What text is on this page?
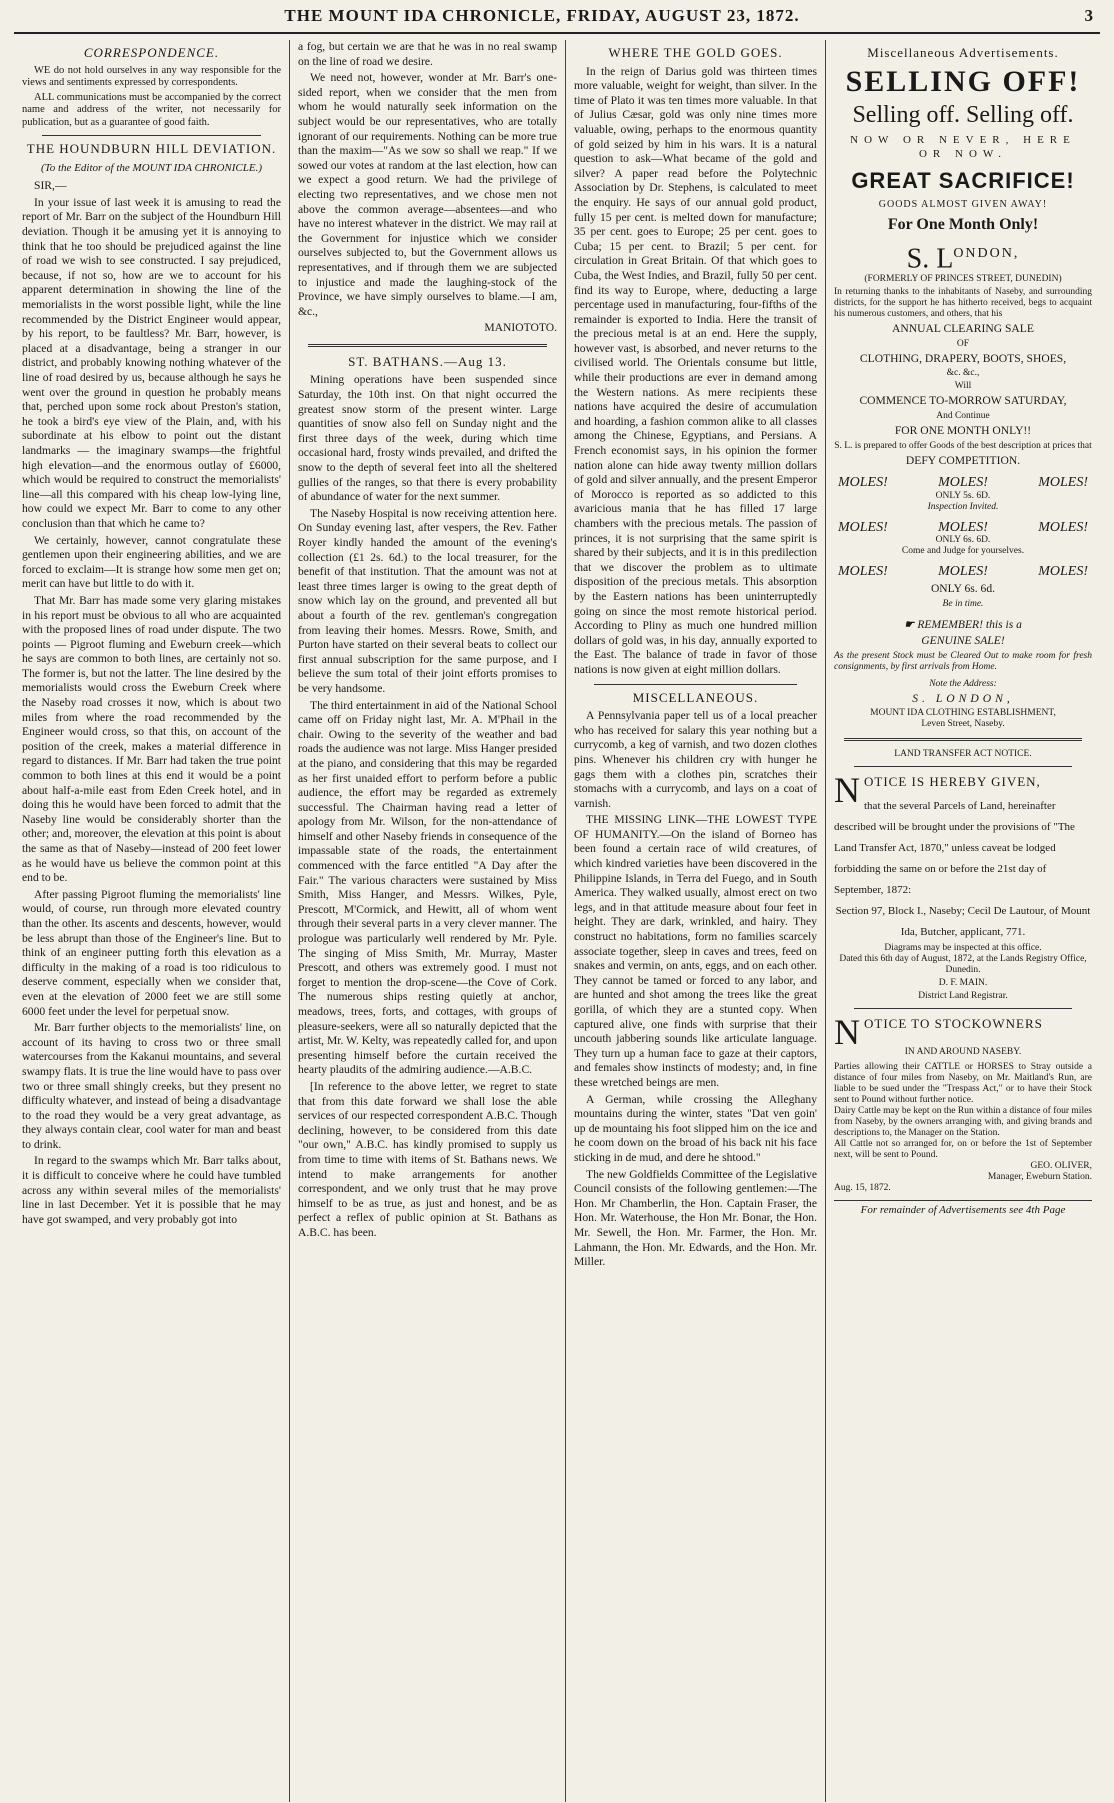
THE MOUNT IDA CHRONICLE, FRIDAY, AUGUST 23, 1872.	3
CORRESPONDENCE.

WE do not hold ourselves in any way responsible for the views and sentiments expressed by correspondents.

ALL communications must be accompanied by the correct name and address of the writer, not necessarily for publication, but as a guarantee of good faith.

THE HOUNDBURN HILL DEVIATION.
(To the Editor of the MOUNT IDA CHRONICLE.)

SIR,—

In your issue of last week it is amusing to read the report of Mr. Barr on the subject of the Houndburn Hill deviation. Though it be amusing yet it is annoying to think that he too should be prejudiced against the line of road we wish to see constructed. I say prejudiced, because, if not so, how are we to account for his apparent determination in showing the line of the memorialists in the worst possible light, while the line recommended by the District Engineer would appear, by his report, to be faultless? Mr. Barr, however, is placed at a disadvantage, being a stranger in our district, and probably knowing nothing whatever of the line of road desired by us, because although he says he went over the ground in question he probably means that, perched upon some rock about Preston's station, he took a bird's eye view of the Plain, and, with his subordinate at his elbow to point out the distant landmarks — the imaginary swamps—the frightful high elevation—and the enormous outlay of £6000, which would be required to construct the memorialists' line—all this compared with his cheap low-lying line, how could we expect Mr. Barr to come to any other conclusion than that which he came to?

We certainly, however, cannot congratulate these gentlemen upon their engineering abilities, and we are forced to exclaim—It is strange how some men get on; merit can have but little to do with it.

That Mr. Barr has made some very glaring mistakes in his report must be obvious to all who are acquainted with the proposed lines of road under dispute. The two points — Pigroot fluming and Eweburn creek—which he says are common to both lines, are certainly not so. The former is, but not the latter. The line desired by the memorialists would cross the Eweburn Creek where the Naseby road crosses it now, which is about two miles from where the road recommended by the Engineer would cross, so that this, on account of the position of the creek, makes a material difference in regard to distances. If Mr. Barr had taken the true point common to both lines at this end it would be a point about half-a-mile east from Eden Creek hotel, and in doing this he would have been forced to admit that the Naseby line would be considerably shorter than the other; and, moreover, the elevation at this point is about the same as that of Naseby—instead of 200 feet lower as he would have us believe the common point at this end to be.

After passing Pigroot fluming the memorialists' line would, of course, run through more elevated country than the other. Its ascents and descents, however, would be less abrupt than those of the Engineer's line. But to think of an engineer putting forth this elevation as a difficulty in the making of a road is too ridiculous to deserve comment, especially when we consider that, even at the elevation of 2000 feet we are still some 6000 feet under the level for perpetual snow.

Mr. Barr further objects to the memorialists' line, on account of its having to cross two or three small watercourses from the Kakanui mountains, and several swampy flats. It is true the line would have to pass over two or three small shingly creeks, but they present no difficulty whatever, and instead of being a disadvantage to the road they would be a very great advantage, as they always contain clear, cool water for man and beast to drink.

In regard to the swamps which Mr. Barr talks about, it is difficult to conceive where he could have tumbled across any within several miles of the memorialists' line in last December. Yet it is possible that he may have got swamped, and very probably got into

a fog, but certain we are that he was in no real swamp on the line of road we desire.

We need not, however, wonder at Mr. Barr's one-sided report, when we consider that the men from whom he would naturally seek information on the subject would be our representatives, who are totally ignorant of our requirements. Nothing can be more true than the maxim—"As we sow so shall we reap." If we sowed our votes at random at the last election, how can we expect a good return. We had the privilege of electing two representatives, and we chose men not above the common average—absentees—and who have no interest whatever in the district. We may rail at the Government for injustice which we consider ourselves subjected to, but the Government allows us representatives, and if through them we are subjected to injustice and made the laughing-stock of the Province, we have simply ourselves to blame.—I am, &c.,

MANIOTOTO.

ST. BATHANS.—Aug 13.

Mining operations have been suspended since Saturday, the 10th inst. On that night occurred the greatest snow storm of the present winter. Large quantities of snow also fell on Sunday night and the first three days of the week, during which time occasional hard, frosty winds prevailed, and drifted the snow to the depth of several feet into all the sheltered gullies of the ranges, so that there is every probability of abundance of water for the next summer.

The Naseby Hospital is now receiving attention here. On Sunday evening last, after vespers, the Rev. Father Royer kindly handed the amount of the evening's collection (£1 2s. 6d.) to the local treasurer, for the benefit of that institution. That the amount was not at least three times larger is owing to the great depth of snow which lay on the ground, and prevented all but about a fourth of the rev. gentleman's congregation from leaving their homes. Messrs. Rowe, Smith, and Purton have started on their several beats to collect our first annual subscription for the same purpose, and I believe the sum total of their joint efforts promises to be very handsome.

The third entertainment in aid of the National School came off on Friday night last, Mr. A. M'Phail in the chair. Owing to the severity of the weather and bad roads the audience was not large. Miss Hanger presided at the piano, and considering that this may be regarded as her first unaided effort to perform before a public audience, the effort may be regarded as extremely successful. The Chairman having read a letter of apology from Mr. Wilson, for the non-attendance of himself and other Naseby friends in consequence of the impassable state of the roads, the entertainment commenced with the farce entitled "A Day after the Fair." The various characters were sustained by Miss Smith, Miss Hanger, and Messrs. Wilkes, Pyle, Prescott, M'Cormick, and Hewitt, all of whom went through their several parts in a very clever manner. The prologue was particularly well rendered by Mr. Pyle. The singing of Miss Smith, Mr. Murray, Master Prescott, and others was extremely good. I must not forget to mention the drop-scene—the Cove of Cork. The numerous ships resting quietly at anchor, meadows, trees, forts, and cottages, with groups of pleasure-seekers, were all so naturally depicted that the artist, Mr. W. Kelty, was repeatedly called for, and upon presenting himself before the curtain received the hearty plaudits of the admiring audience.—A.B.C.

[In reference to the above letter, we regret to state that from this date forward we shall lose the able services of our respected correspondent A.B.C. Though declining, however, to be considered from this date "our own," A.B.C. has kindly promised to supply us from time to time with items of St. Bathans news. We intend to make arrangements for another correspondent, and we only trust that he may prove himself to be as true, as just and honest, and be as perfect a reflex of public opinion at St. Bathans as A.B.C. has been.

WHERE THE GOLD GOES.

In the reign of Darius gold was thirteen times more valuable, weight for weight, than silver. In the time of Plato it was ten times more valuable. In that of Julius Cæsar, gold was only nine times more valuable, owing, perhaps to the enormous quantity of gold seized by him in his wars. It is a natural question to ask—What became of the gold and silver? A paper read before the Polytechnic Association by Dr. Stephens, is calculated to meet the enquiry. He says of our annual gold product, fully 15 per cent. is melted down for manufacture; 35 per cent. goes to Europe; 25 per cent. goes to Cuba; 15 per cent. to Brazil; 5 per cent. for circulation in Great Britain. Of that which goes to Cuba, the West Indies, and Brazil, fully 50 per cent. find its way to Europe, where, deducting a large percentage used in manufacturing, four-fifths of the remainder is exported to India. Here the transit of the precious metal is at an end. Here the supply, however vast, is absorbed, and never returns to the civilised world. The Orientals consume but little, while their productions are ever in demand among the Western nations. As mere recipients these nations have acquired the desire of accumulation and hoarding, a fashion common alike to all classes among the Chinese, Egyptians, and Persians. A French economist says, in his opinion the former nation alone can hide away twenty million dollars of gold and silver annually, and the present Emperor of Morocco is reported as so addicted to this avaricious mania that he has filled 17 large chambers with the precious metals. The passion of princes, it is not surprising that the same spirit is shared by their subjects, and it is in this predilection that we discover the problem as to ultimate disposition of the precious metals. This absorption by the Eastern nations has been uninterruptedly going on since the most remote historical period. According to Pliny as much one hundred million dollars of gold was, in his day, annually exported to the East. The balance of trade in favor of those nations is now given at eight million dollars.

MISCELLANEOUS.

A Pennsylvania paper tell us of a local preacher who has received for salary this year nothing but a currycomb, a keg of varnish, and two dozen clothes pins. Whenever his children cry with hunger he gags them with a clothes pin, scratches their stomachs with a currycomb, and lays on a coat of varnish.

THE MISSING LINK—THE LOWEST TYPE OF HUMANITY.—On the island of Borneo has been found a certain race of wild creatures, of which kindred varieties have been discovered in the Philippine Islands, in Terra del Fuego, and in South America. They walked usually, almost erect on two legs, and in that attitude measure about four feet in height. They are dark, wrinkled, and hairy. They construct no habitations, form no families scarcely associate together, sleep in caves and trees, feed on snakes and vermin, on ants, eggs, and on each other. They cannot be tamed or forced to any labor, and are hunted and shot among the trees like the great gorilla, of which they are a stunted copy. When captured alive, one finds with surprise that their uncouth jabbering sounds like articulate language. They turn up a human face to gaze at their captors, and females show instincts of modesty; and, in fine these wretched beings are men.

A German, while crossing the Alleghany mountains during the winter, states "Dat ven goin' up de mountaing his foot slipped him on the ice and he coom down on the broad of his back nit his face sticking in de mud, and dere he shtood."

The new Goldfields Committee of the Legislative Council consists of the following gentlemen:—The Hon. Mr Chamberlin, the Hon. Captain Fraser, the Hon. Mr. Waterhouse, the Hon Mr. Bonar, the Hon. Mr. Sewell, the Hon. Mr. Farmer, the Hon. Mr. Lahmann, the Hon. Mr. Edwards, and the Hon. Mr. Miller.

Miscellaneous Advertisements.
SELLING OFF!
Selling off. Selling off.
NOW OR NEVER, HERE OR NOW.
GREAT SACRIFICE!
GOODS ALMOST GIVEN AWAY!
For One Month Only!
S. $L^{ONDON,}$
(FORMERLY OF PRINCES STREET, DUNEDIN)
In returning thanks to the inhabitants of Naseby, and surrounding districts, for the support he has hitherto received, begs to acquaint his numerous customers, and others, that his
ANNUAL CLEARING SALE
OF
CLOTHING, DRAPERY, BOOTS, SHOES,
&c. &c.,
Will
COMMENCE TO-MORROW SATURDAY,
And Continue
FOR ONE MONTH ONLY!!
S. L. is prepared to offer Goods of the best description at prices that
DEFY COMPETITION.
MOLES!	MOLES!	MOLES!
ONLY 5s. 6D.
Inspection Invited.
MOLES!	MOLES!	MOLES!
ONLY 6s. 6D.
Come and Judge for yourselves.
MOLES!	MOLES!	MOLES!
ONLY 6s. 6d.
Be in time.
☛ REMEMBER! this is a
GENUINE SALE!
As the present Stock must be Cleared Out to make room for fresh consignments, by first arrivals from Home.
Note the Address:
S. LONDON,
MOUNT IDA CLOTHING ESTABLISHMENT,
Leven Street, Naseby.
LAND TRANSFER ACT NOTICE.
N OTICE IS HEREBY GIVEN,
that the several Parcels of Land, hereinafter described will be brought under the provisions of "The Land Transfer Act, 1870," unless caveat be lodged forbidding the same on or before the 21st day of September, 1872:
Section 97, Block I., Naseby; Cecil De Lautour, of Mount Ida, Butcher, applicant, 771.
Diagrams may be inspected at this office.
Dated this 6th day of August, 1872, at the Lands Registry Office, Dunedin.
D. F. MAIN.
District Land Registrar.
N OTICE TO STOCKOWNERS
IN AND AROUND NASEBY.
Parties allowing their CATTLE or HORSES to Stray outside a distance of four miles from Naseby, on Mr. Maitland's Run, are liable to be sued under the "Trespass Act," or to have their Stock sent to Pound without further notice.
Dairy Cattle may be kept on the Run within a distance of four miles from Naseby, by the owners arranging with, and giving brands and descriptions to, the Manager on the Station.
All Cattle not so arranged for, on or before the 1st of September next, will be sent to Pound.
GEO. OLIVER,
Manager, Eweburn Station.
Aug. 15, 1872.
For remainder of Advertisements see 4th Page
